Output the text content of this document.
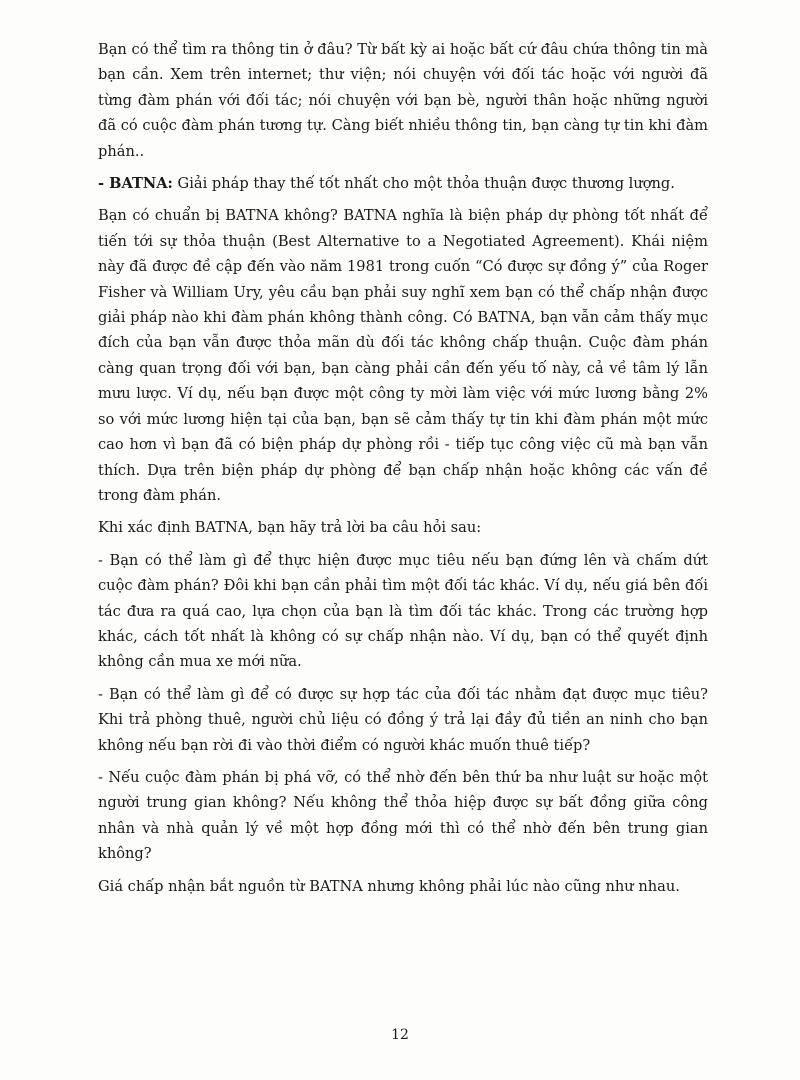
Bạn có thể tìm ra thông tin ở đâu? Từ bất kỳ ai hoặc bất cứ đâu chứa thông tin mà bạn cần. Xem trên internet; thư viện; nói chuyện với đối tác hoặc với người đã từng đàm phán với đối tác; nói chuyện với bạn bè, người thân hoặc những người đã có cuộc đàm phán tương tự. Càng biết nhiều thông tin, bạn càng tự tin khi đàm phán..

- BATNA: Giải pháp thay thế tốt nhất cho một thỏa thuận được thương lượng.

Bạn có chuẩn bị BATNA không? BATNA nghĩa là biện pháp dự phòng tốt nhất để tiến tới sự thỏa thuận (Best Alternative to a Negotiated Agreement). Khái niệm này đã được đề cập đến vào năm 1981 trong cuốn “Có được sự đồng ý” của Roger Fisher và William Ury, yêu cầu bạn phải suy nghĩ xem bạn có thể chấp nhận được giải pháp nào khi đàm phán không thành công. Có BATNA, bạn vẫn cảm thấy mục đích của bạn vẫn được thỏa mãn dù đối tác không chấp thuận. Cuộc đàm phán càng quan trọng đối với bạn, bạn càng phải cần đến yếu tố này, cả về tâm lý lẫn mưu lược. Ví dụ, nếu bạn được một công ty mời làm việc với mức lương bằng 2% so với mức lương hiện tại của bạn, bạn sẽ cảm thấy tự tin khi đàm phán một mức cao hơn vì bạn đã có biện pháp dự phòng rồi - tiếp tục công việc cũ mà bạn vẫn thích. Dựa trên biện pháp dự phòng để bạn chấp nhận hoặc không các vấn đề trong đàm phán.

Khi xác định BATNA, bạn hãy trả lời ba câu hỏi sau:

- Bạn có thể làm gì để thực hiện được mục tiêu nếu bạn đứng lên và chấm dứt cuộc đàm phán? Đôi khi bạn cần phải tìm một đối tác khác. Ví dụ, nếu giá bên đối tác đưa ra quá cao, lựa chọn của bạn là tìm đối tác khác. Trong các trường hợp khác, cách tốt nhất là không có sự chấp nhận nào. Ví dụ, bạn có thể quyết định không cần mua xe mới nữa.

- Bạn có thể làm gì để có được sự hợp tác của đối tác nhằm đạt được mục tiêu? Khi trả phòng thuê, người chủ liệu có đồng ý trả lại đầy đủ tiền an ninh cho bạn không nếu bạn rời đi vào thời điểm có người khác muốn thuê tiếp?

- Nếu cuộc đàm phán bị phá vỡ, có thể nhờ đến bên thứ ba như luật sư hoặc một người trung gian không? Nếu không thể thỏa hiệp được sự bất đồng giữa công nhân và nhà quản lý về một hợp đồng mới thì có thể nhờ đến bên trung gian không?

Giá chấp nhận bắt nguồn từ BATNA nhưng không phải lúc nào cũng như nhau.

12
